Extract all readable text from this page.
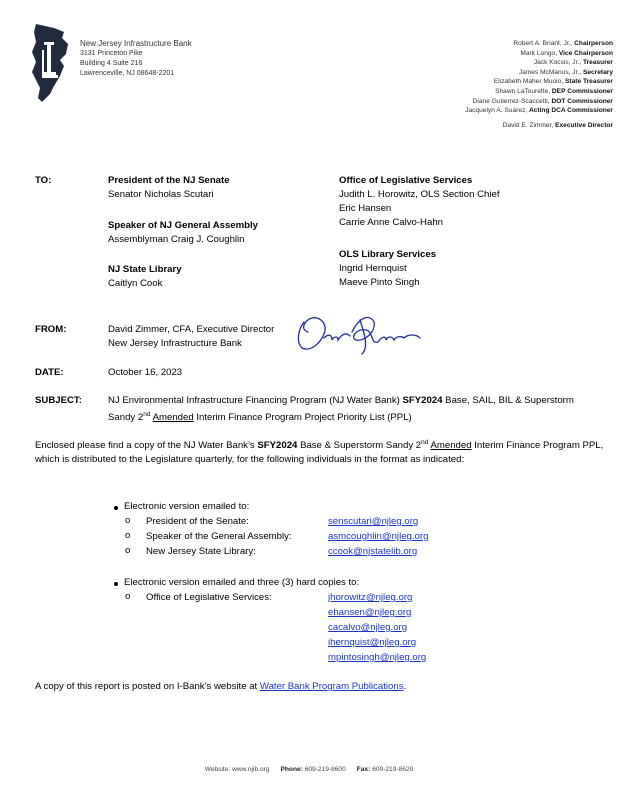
New Jersey Infrastructure Bank
3131 Princeton Pike
Building 4 Suite 216
Lawrenceville, NJ 08648-2201
Robert A. Briant, Jr., Chairperson
Mark Longo, Vice Chairperson
Jack Kocsis, Jr., Treasurer
James McManus, Jr., Secretary
Elizabeth Maher Muoio, State Treasurer
Shawn LaTourette, DEP Commissioner
Diane Gutierrez-Scaccetti, DOT Commissioner
Jacquelyn A. Suárez, Acting DCA Commissioner
David E. Zimmer, Executive Director
TO:	President of the NJ Senate
Senator Nicholas Scutari
Speaker of NJ General Assembly
Assemblyman Craig J. Coughlin
NJ State Library
Caitlyn Cook
Office of Legislative Services
Judith L. Horowitz, OLS Section Chief
Eric Hansen
Carrie Anne Calvo-Hahn
OLS Library Services
Ingrid Hernquist
Maeve Pinto Singh
FROM:	David Zimmer, CFA, Executive Director
New Jersey Infrastructure Bank
DATE:	October 16, 2023
SUBJECT:	NJ Environmental Infrastructure Financing Program (NJ Water Bank) SFY2024 Base, SAIL, BIL & Superstorm Sandy 2nd Amended Interim Finance Program Project Priority List (PPL)
Enclosed please find a copy of the NJ Water Bank’s SFY2024 Base & Superstorm Sandy 2nd Amended Interim Finance Program PPL, which is distributed to the Legislature quarterly, for the following individuals in the format as indicated:
Electronic version emailed to:
o President of the Senate:	senscutari@njleg.org
o Speaker of the General Assembly:	asmcoughlin@njleg.org
o New Jersey State Library:	ccook@njstatelib.org
Electronic version emailed and three (3) hard copies to:
o Office of Legislative Services:	jhorowitz@njleg.org
ehansen@njleg.org
cacalvo@njleg.org
ihernquist@njleg.org
mpintosingh@njleg.org
A copy of this report is posted on I-Bank’s website at Water Bank Program Publications.
Website: www.njib.org Phone: 609-219-8600 Fax: 609-219-8620
